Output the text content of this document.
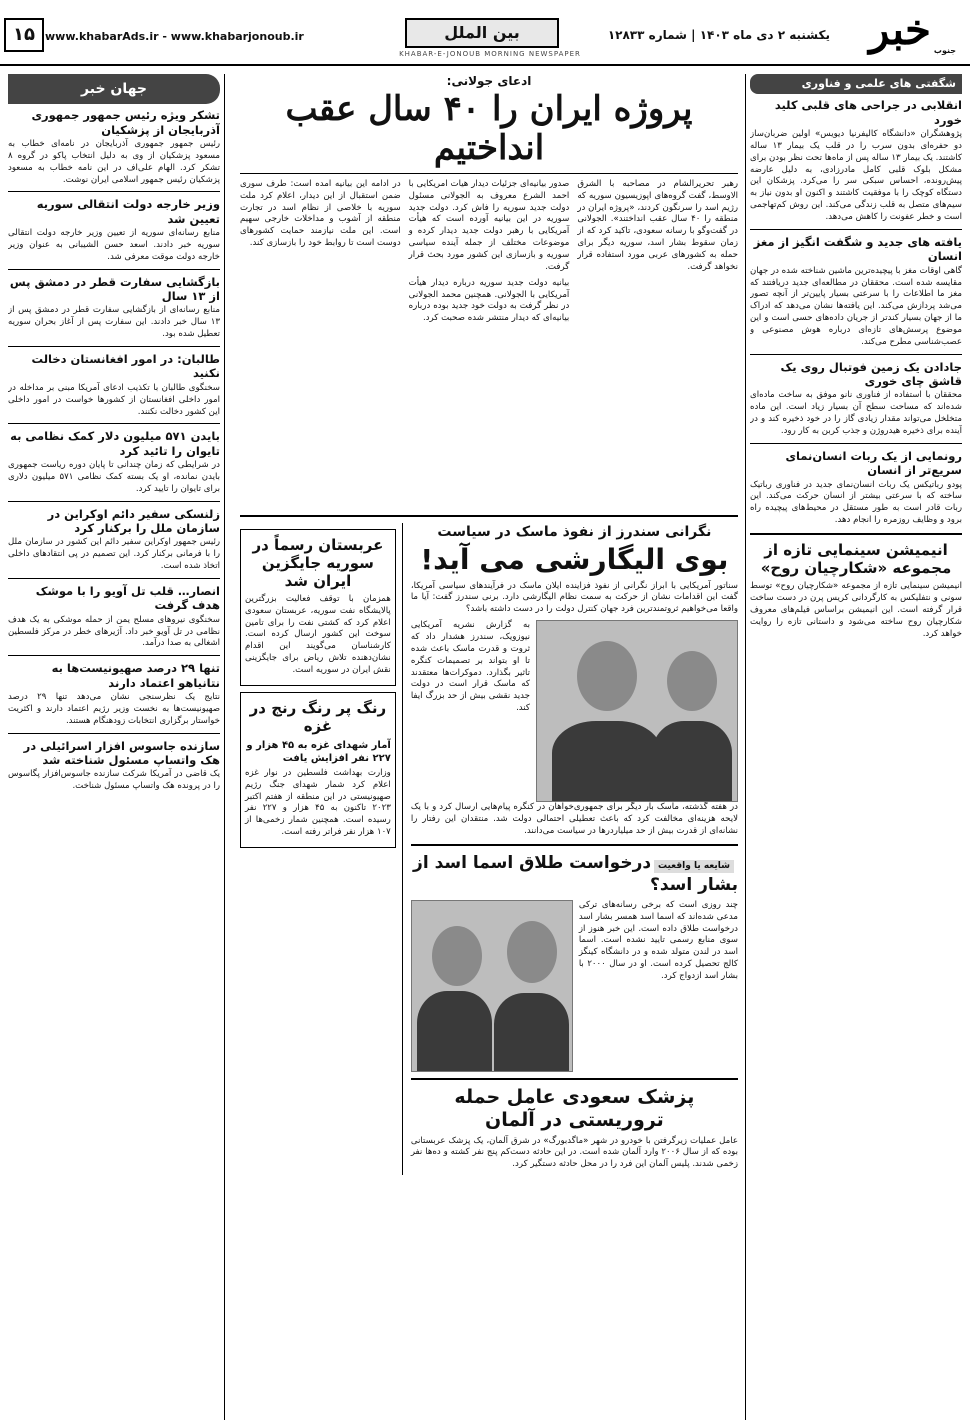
خبر جنوب
یکشنبه ۲ دی ماه ۱۴۰۳ | شماره ۱۲۸۳۳
بین الملل
KHABAR-E-JONOUB MORNING NEWSPAPER
www.khabarAds.ir - www.khabarjonoub.ir
۱۵
شگفتی های علمی و فناوری
انقلابی در جراحی های قلبی کلید خورد

پژوهشگران «دانشگاه کالیفرنیا دیویس» اولین ضربان‌ساز دو حفره‌ای بدون سرب را در قلب یک بیمار ۱۳ ساله کاشتند. یک بیمار ۱۳ ساله پس از ماه‌ها تحت نظر بودن برای مشکل بلوک قلبی کامل مادرزادی، به دلیل عارضه پیش‌رونده، احساس سبکی سر را می‌کرد. پزشکان این دستگاه کوچک را با موفقیت کاشتند و اکنون او بدون نیاز به سیم‌های متصل به قلب زندگی می‌کند. این روش کم‌تهاجمی است و خطر عفونت را کاهش می‌دهد.

یافته های جدید و شگفت انگیز از مغز انسان

گاهی اوقات مغز با پیچیده‌ترین ماشین شناخته شده در جهان مقایسه شده است. محققان در مطالعه‌ای جدید دریافتند که مغز ما اطلاعات را با سرعتی بسیار پایین‌تر از آنچه تصور می‌شد پردازش می‌کند. این یافته‌ها نشان می‌دهد که ادراک ما از جهان بسیار کندتر از جریان داده‌های حسی است و این موضوع پرسش‌های تازه‌ای درباره هوش مصنوعی و عصب‌شناسی مطرح می‌کند.

جادادن یک زمین فوتبال روی یک قاشق چای خوری

محققان با استفاده از فناوری نانو موفق به ساخت ماده‌ای شده‌اند که مساحت سطح آن بسیار زیاد است. این ماده متخلخل می‌تواند مقدار زیادی گاز را در خود ذخیره کند و در آینده برای ذخیره هیدروژن و جذب کربن به کار رود.

رونمایی از یک ربات انسان‌نمای سریع‌تر از انسان

پودو رباتیکس یک ربات انسان‌نمای جدید در فناوری رباتیک ساخته که با سرعتی بیشتر از انسان حرکت می‌کند. این ربات قادر است به طور مستقل در محیط‌های پیچیده راه برود و وظایف روزمره را انجام دهد.

انیمیشن سینمایی تازه از مجموعه «شکارچیان روح»

انیمیشن سینمایی تازه از مجموعه «شکارچیان روح» توسط سونی و نتفلیکس به کارگردانی کریس پرن در دست ساخت قرار گرفته است. این انیمیشن براساس فیلم‌های معروف شکارچیان روح ساخته می‌شود و داستانی تازه را روایت خواهد کرد.

ادعای جولانی:
پروژه ایران را ۴۰ سال عقب انداختیم

رهبر تحریرالشام در مصاحبه با الشرق الاوسط، گفت گروه‌های اپوزیسیون سوریه که رژیم اسد را سرنگون کردند، «پروژه ایران در منطقه را ۴۰ سال عقب انداختند». الجولانی در گفت‌وگو با رسانه سعودی، تاکید کرد که از زمان سقوط بشار اسد، سوریه دیگر برای حمله به کشورهای عربی مورد استفاده قرار نخواهد گرفت.

صدور بیانیه‌ای جزئیات دیدار هیأت آمریکایی با احمد الشرع معروف به الجولانی مسئول دولت جدید سوریه را فاش کرد. دولت جدید سوریه در این بیانیه آورده است که هیأت آمریکایی با رهبر دولت جدید دیدار کرده و موضوعات مختلف از جمله آینده سیاسی سوریه و بازسازی این کشور مورد بحث قرار گرفت.

بیانیه دولت جدید سوریه درباره دیدار هیأت آمریکایی با الجولانی. همچنین محمد الجولانی در نظر گرفت به دولت خود جدید بوده درباره بیانیه‌ای که دیدار منتشر شده صحبت کرد.

در ادامه این بیانیه آمده است: طرف سوری ضمن استقبال از این دیدار، اعلام کرد ملت سوریه با خلاصی از نظام اسد در تجارت منطقه از آشوب و مداخلات خارجی سهیم است. این ملت نیازمند حمایت کشورهای دوست است تا روابط خود را بازسازی کند.

نگرانی سندرز از نفوذ ماسک در سیاست
بوی الیگارشی می آید!

سناتور آمریکایی با ابراز نگرانی از نفوذ فزاینده ایلان ماسک در فرآیندهای سیاسی آمریکا، گفت این اقدامات نشان از حرکت به سمت نظام الیگارشی دارد. برنی سندرز گفت: آیا ما واقعا می‌خواهیم ثروتمندترین فرد جهان کنترل دولت را در دست داشته باشد؟

به گزارش نشریه آمریکایی نیوزویک، سندرز هشدار داد که ثروت و قدرت ماسک باعث شده تا او بتواند بر تصمیمات کنگره تاثیر بگذارد. دموکرات‌ها معتقدند که ماسک قرار است در دولت جدید نقشی بیش از حد بزرگ ایفا کند.

در هفته گذشته، ماسک بار دیگر برای جمهوری‌خواهان در کنگره پیام‌هایی ارسال کرد و با یک لایحه هزینه‌ای مخالفت کرد که باعث تعطیلی احتمالی دولت شد. منتقدان این رفتار را نشانه‌ای از قدرت بیش از حد میلیاردرها در سیاست می‌دانند.

شایعه یا واقعیت درخواست طلاق اسما اسد از بشار اسد؟

چند روزی است که برخی رسانه‌های ترکی مدعی شده‌اند که اسما اسد همسر بشار اسد درخواست طلاق داده است. این خبر هنوز از سوی منابع رسمی تایید نشده است. اسما اسد در لندن متولد شده و در دانشگاه کینگز کالج تحصیل کرده است. او در سال ۲۰۰۰ با بشار اسد ازدواج کرد.

پزشک سعودی عامل حمله تروریستی در آلمان

عامل عملیات زیرگرفتن با خودرو در شهر «ماگدبورگ» در شرق آلمان، یک پزشک عربستانی بوده که از سال ۲۰۰۶ وارد آلمان شده است. در این حادثه دست‌کم پنج نفر کشته و ده‌ها نفر زخمی شدند. پلیس آلمان این فرد را در محل حادثه دستگیر کرد.

عربستان رسماً در سوریه جایگزین ایران شد

همزمان با توقف فعالیت بزرگترین پالایشگاه نفت سوریه، عربستان سعودی اعلام کرد که کشتی نفت را برای تامین سوخت این کشور ارسال کرده است. کارشناسان می‌گویند این اقدام نشان‌دهنده تلاش ریاض برای جایگزینی نقش ایران در سوریه است.

رنگ پر رنگ رنج در غزه
آمار شهدای غزه به ۴۵ هزار و ۲۲۷ نفر افزایش یافت

وزارت بهداشت فلسطین در نوار غزه اعلام کرد شمار شهدای جنگ رژیم صهیونیستی در این منطقه از هفتم اکتبر ۲۰۲۳ تاکنون به ۴۵ هزار و ۲۲۷ نفر رسیده است. همچنین شمار زخمی‌ها از ۱۰۷ هزار نفر فراتر رفته است.

جهان خبر
تشکر ویژه رئیس جمهور جمهوری آذربایجان از پزشکیان

رئیس جمهور جمهوری آذربایجان در نامه‌ای خطاب به مسعود پزشکیان از وی به دلیل انتخاب پاکو در گروه ۸ تشکر کرد. الهام علی‌اف در این نامه خطاب به مسعود پزشکیان رئیس جمهور اسلامی ایران نوشت.

وزیر خارجه دولت انتقالی سوریه تعیین شد

منابع رسانه‌ای سوریه از تعیین وزیر خارجه دولت انتقالی سوریه خبر دادند. اسعد حسن الشیبانی به عنوان وزیر خارجه دولت موقت معرفی شد.

بازگشایی سفارت قطر در دمشق پس از ۱۳ سال

منابع رسانه‌ای از بازگشایی سفارت قطر در دمشق پس از ۱۳ سال خبر دادند. این سفارت پس از آغاز بحران سوریه تعطیل شده بود.

طالبان: در امور افغانستان دخالت نکنید

سخنگوی طالبان با تکذیب ادعای آمریکا مبنی بر مداخله در امور داخلی افغانستان از کشورها خواست در امور داخلی این کشور دخالت نکنند.

بایدن ۵۷۱ میلیون دلار کمک نظامی به تایوان را تائید کرد

در شرایطی که زمان چندانی تا پایان دوره ریاست جمهوری بایدن نمانده، او یک بسته کمک نظامی ۵۷۱ میلیون دلاری برای تایوان را تایید کرد.

زلنسکی سفیر دائم اوکراین در سازمان ملل را برکنار کرد

رئیس جمهور اوکراین سفیر دائم این کشور در سازمان ملل را با فرمانی برکنار کرد. این تصمیم در پی انتقادهای داخلی اتخاذ شده است.

انصار… قلب تل آویو را با موشک هدف گرفت

سخنگوی نیروهای مسلح یمن از حمله موشکی به یک هدف نظامی در تل آویو خبر داد. آژیرهای خطر در مرکز فلسطین اشغالی به صدا درآمد.

تنها ۲۹ درصد صهیونیست‌ها به نتانیاهو اعتماد دارند

نتایج یک نظرسنجی نشان می‌دهد تنها ۲۹ درصد صهیونیست‌ها به نخست وزیر رژیم اعتماد دارند و اکثریت خواستار برگزاری انتخابات زودهنگام هستند.

سازنده جاسوس افزار اسرائیلی در هک واتساپ مسئول شناخته شد

یک قاضی در آمریکا شرکت سازنده جاسوس‌افزار پگاسوس را در پرونده هک واتساپ مسئول شناخت.
